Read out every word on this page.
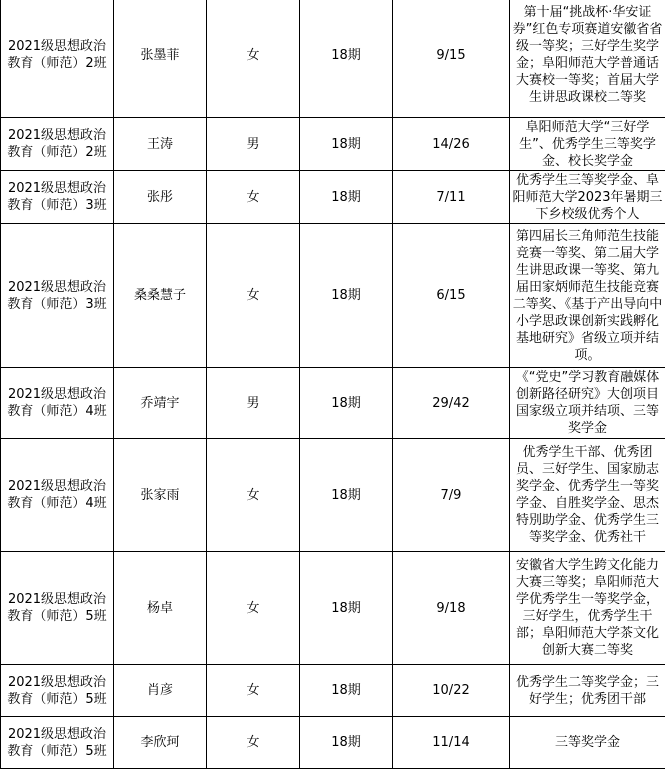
2021级思想政治教育（师范）2班	张墨菲	女	18期	9/15	第十届“挑战杯·华安证券”红色专项赛道安徽省省级一等奖；三好学生奖学金；阜阳师范大学普通话大赛校一等奖；首届大学生讲思政课校二等奖
2021级思想政治教育（师范）2班	王涛	男	18期	14/26	阜阳师范大学“三好学生”、优秀学生三等奖学金、校长奖学金
2021级思想政治教育（师范）3班	张彤	女	18期	7/11	优秀学生三等奖学金、阜阳师范大学2023年暑期三下乡校级优秀个人
2021级思想政治教育（师范）3班	桑桑慧子	女	18期	6/15	第四届长三角师范生技能竞赛一等奖、第二届大学生讲思政课一等奖、第九届田家炳师范生技能竞赛二等奖、《基于产出导向中小学思政课创新实践孵化基地研究》省级立项并结项。
2021级思想政治教育（师范）4班	乔靖宇	男	18期	29/42	《“党史”学习教育融媒体创新路径研究》大创项目国家级立项并结项、三等奖学金
2021级思想政治教育（师范）4班	张家雨	女	18期	7/9	优秀学生干部、优秀团员、三好学生、国家励志奖学金、优秀学生一等奖学金、自胜奖学金、思杰特別助学金、优秀学生三等奖学金、优秀社干
2021级思想政治教育（师范）5班	杨卓	女	18期	9/18	安徽省大学生跨文化能力大赛三等奖；阜阳师范大学优秀学生一等奖学金，三好学生，优秀学生干部；阜阳师范大学茶文化创新大赛二等奖
2021级思想政治教育（师范）5班	肖彦	女	18期	10/22	优秀学生二等奖学金；三好学生；优秀团干部
2021级思想政治教育（师范）5班	李欣珂	女	18期	11/14	三等奖学金
